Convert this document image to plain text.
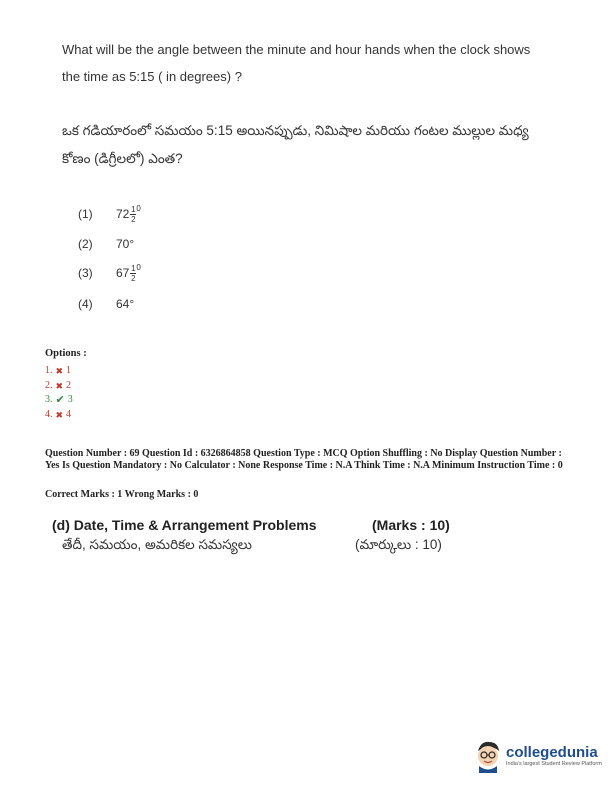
What will be the angle between the minute and hour hands when the clock shows the time as 5:15 ( in degrees) ?
ఒక గడియారంలో సమయం 5:15 అయినప్పుడు, నిమిషాల మరియు గంటల ముల్లుల మధ్య కోణం (డిగ్రీలలో) ఎంత?
(1)	$72 \frac{1}{2} 0$
(2)	70°
(3)	$67 \frac{1}{2} 0$
(4)	64°
Options :
1. ✖ 1
2. ✖ 2
3. ✔ 3
4. ✖ 4
Question Number : 69 Question Id : 6326864858 Question Type : MCQ Option Shuffling : No Display Question Number : Yes Is Question Mandatory : No Calculator : None Response Time : N.A Think Time : N.A Minimum Instruction Time : 0
Correct Marks : 1 Wrong Marks : 0
(d) Date, Time & Arrangement Problems	(Marks : 10)
తేదీ, సమయం, అమరికల సమస్యలు	(మార్కులు : 10)
collegedunia
India's largest Student Review Platform
